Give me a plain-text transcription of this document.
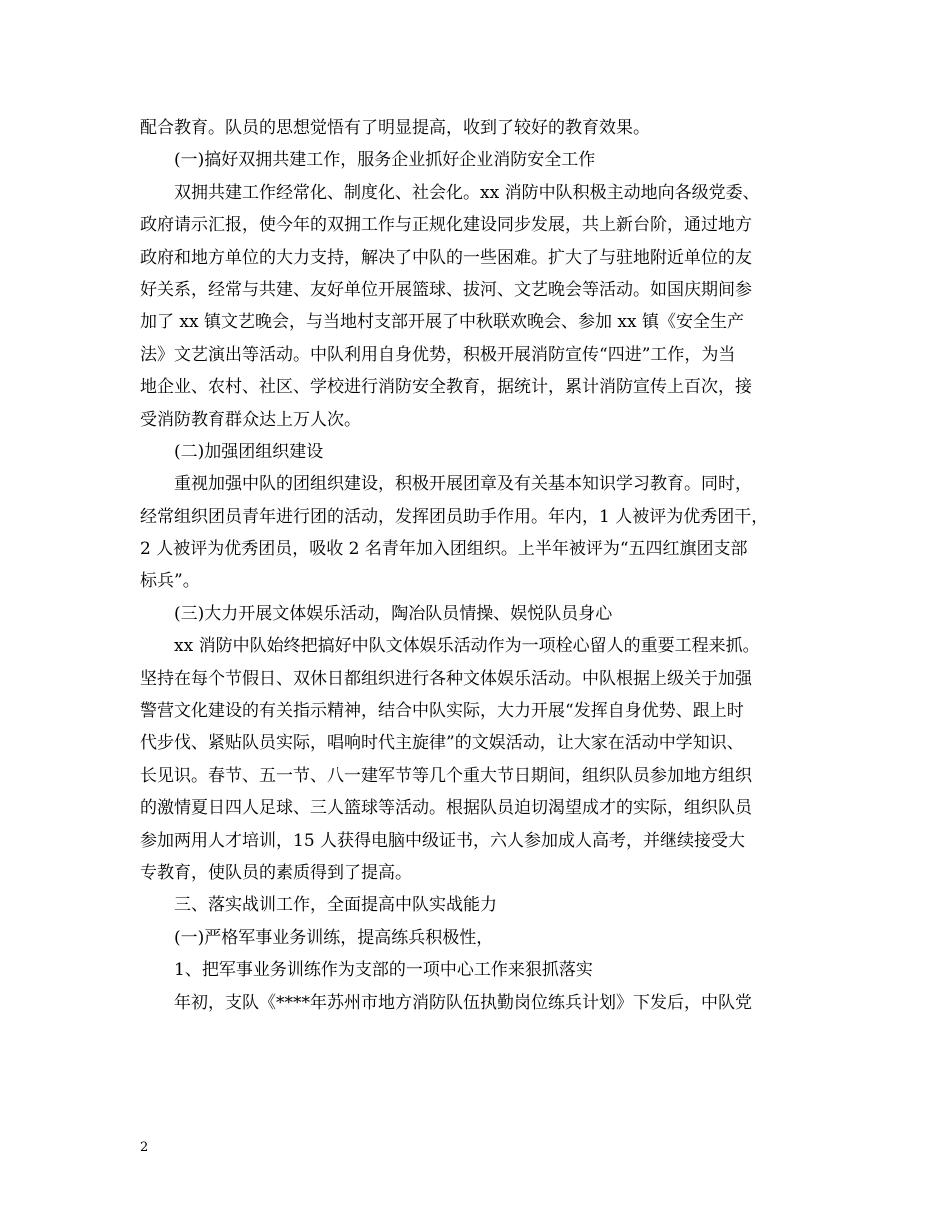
配合教育。队员的思想觉悟有了明显提高，收到了较好的教育效果。
(一)搞好双拥共建工作，服务企业抓好企业消防安全工作
双拥共建工作经常化、制度化、社会化。xx 消防中队积极主动地向各级党委、
政府请示汇报，使今年的双拥工作与正规化建设同步发展，共上新台阶，通过地方
政府和地方单位的大力支持，解决了中队的一些困难。扩大了与驻地附近单位的友
好关系，经常与共建、友好单位开展篮球、拔河、文艺晚会等活动。如国庆期间参
加了 xx 镇文艺晚会，与当地村支部开展了中秋联欢晚会、参加 xx 镇《安全生产
法》文艺演出等活动。中队利用自身优势，积极开展消防宣传“四进”工作，为当
地企业、农村、社区、学校进行消防安全教育，据统计，累计消防宣传上百次，接
受消防教育群众达上万人次。
(二)加强团组织建设
重视加强中队的团组织建设，积极开展团章及有关基本知识学习教育。同时，
经常组织团员青年进行团的活动，发挥团员助手作用。年内，1 人被评为优秀团干，
2 人被评为优秀团员，吸收 2 名青年加入团组织。上半年被评为“五四红旗团支部
标兵”。
(三)大力开展文体娱乐活动，陶冶队员情操、娱悦队员身心
xx 消防中队始终把搞好中队文体娱乐活动作为一项栓心留人的重要工程来抓。
坚持在每个节假日、双休日都组织进行各种文体娱乐活动。中队根据上级关于加强
警营文化建设的有关指示精神，结合中队实际，大力开展“发挥自身优势、跟上时
代步伐、紧贴队员实际，唱响时代主旋律”的文娱活动，让大家在活动中学知识、
长见识。春节、五一节、八一建军节等几个重大节日期间，组织队员参加地方组织
的激情夏日四人足球、三人篮球等活动。根据队员迫切渴望成才的实际，组织队员
参加两用人才培训，15 人获得电脑中级证书，六人参加成人高考，并继续接受大
专教育，使队员的素质得到了提高。
三、落实战训工作，全面提高中队实战能力
(一)严格军事业务训练，提高练兵积极性，
1、把军事业务训练作为支部的一项中心工作来狠抓落实
年初，支队《****年苏州市地方消防队伍执勤岗位练兵计划》下发后，中队党
2
